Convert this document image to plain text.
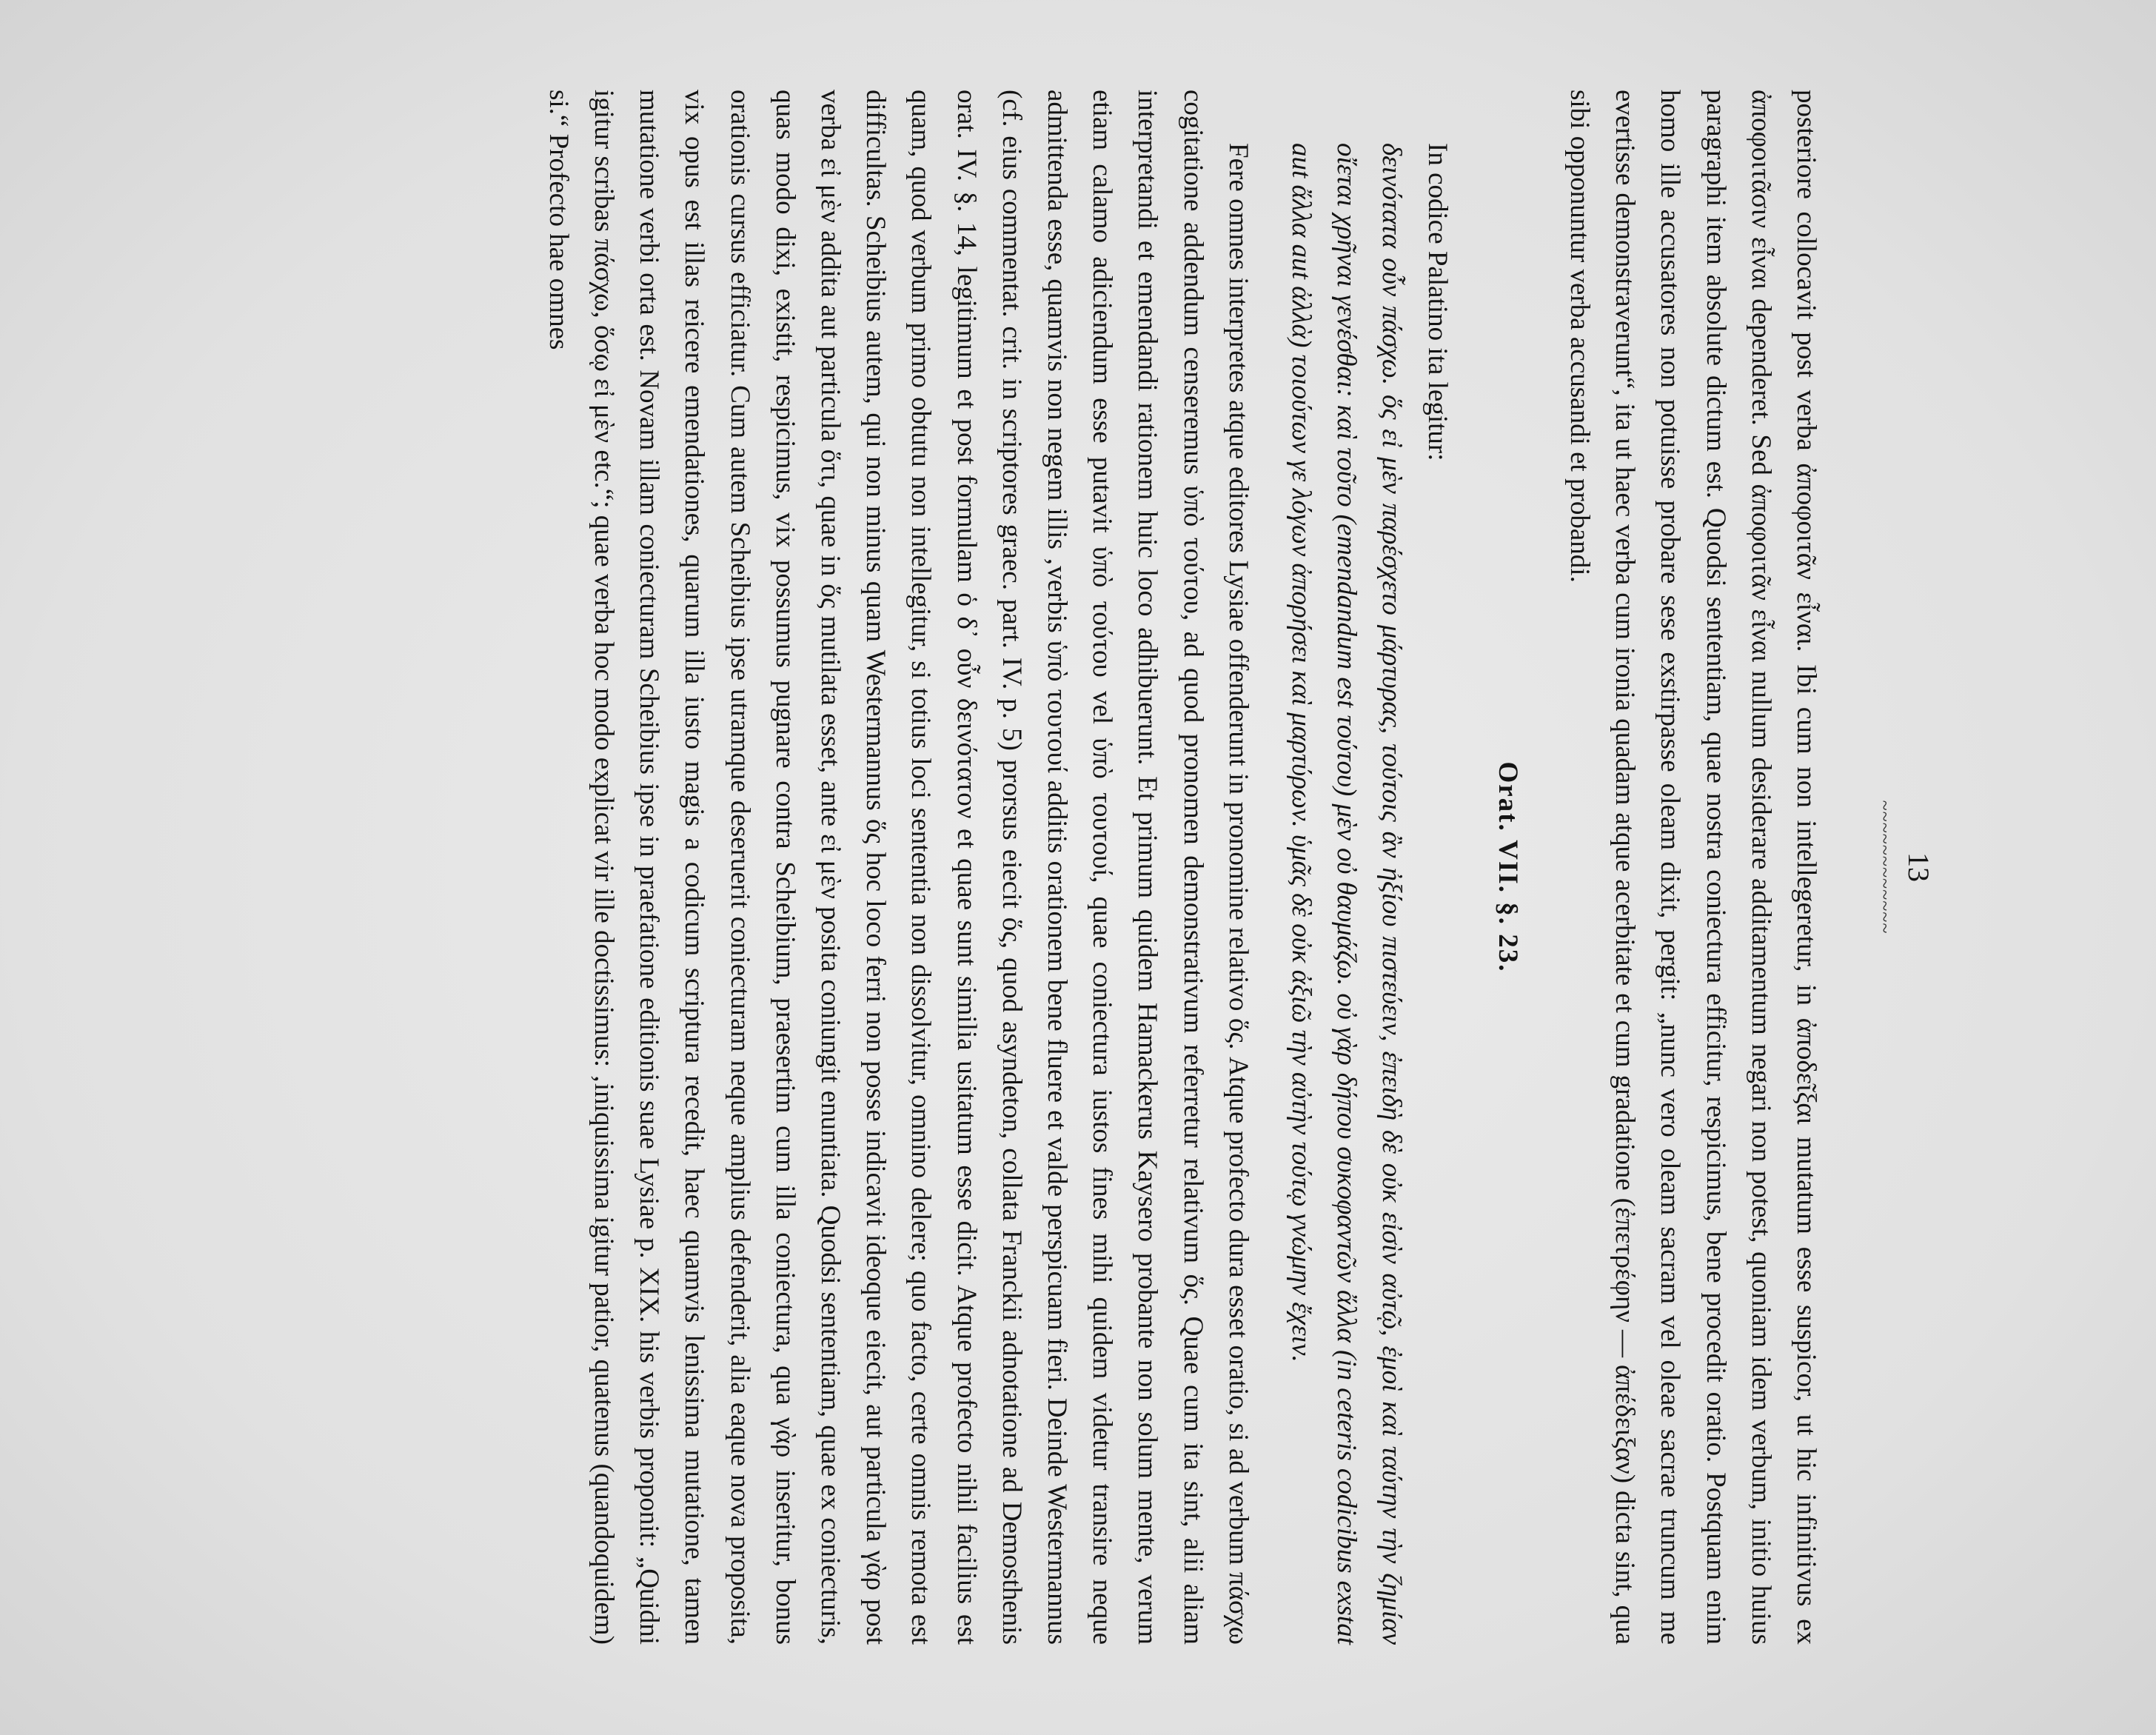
13
~~~~~~~~~~~~

posteriore collocavit post verba ἀποφοιτᾶν εἶναι. Ibi cum non intellegeretur, in ἀποδεῖξαι mutatum esse suspicor, ut hic infinitivus ex ἀποφοιτᾶσιν εἶναι dependeret. Sed ἀποφοιτᾶν εἶναι nullum desiderare additamentum negari non potest, quoniam idem verbum, initio huius paragraphi item absolute dictum est. Quodsi sententiam, quae nostra coniectura efficitur, respicimus, bene procedit oratio. Postquam enim homo ille accusatores non potuisse probare sese exstirpasse oleam dixit, pergit: „nunc vero oleam sacram vel oleae sacrae truncum me evertisse demonstraverunt“, ita ut haec verba cum ironia quadam atque acerbitate et cum gradatione (ἐπετρέφην — ἀπέδειξαν) dicta sint, qua sibi opponuntur verba accusandi et probandi.

Orat. VII. §. 23.

In codice Palatino ita legitur:

δεινότατα οὖν πάσχω. ὅς εἰ μὲν παρέσχετο μάρτυρας, τούτοις ἂν ἠξίου πιστεύειν, ἐπειδὴ δὲ οὐκ εἰσὶν αὐτῷ, ἐμοὶ καὶ ταύτην τὴν ζημίαν οἴεται χρῆναι γενέσθαι: καὶ τοῦτο (emendandum est τούτου) μὲν οὐ θαυμάζω. οὐ γὰρ δήπου συκοφαντῶν ἄλλα (in ceteris codicibus exstat aut ἄλλα aut ἀλλὰ) τοιούτων γε λόγων ἀπορήσει καὶ μαρτύρων. ὑμᾶς δὲ οὐκ ἀξιῶ τὴν αὐτὴν τούτῳ γνώμην ἔχειν.

Fere omnes interpretes atque editores Lysiae offenderunt in pronomine relativo ὅς. Atque profecto dura esset oratio, si ad verbum πάσχω cogitatione addendum censeremus ὑπὸ τούτου, ad quod pronomen demonstrativum referretur relativum ὅς. Quae cum ita sint, alii aliam interpretandi et emendandi rationem huic loco adhibuerunt. Et primum quidem Hamackerus Kaysero probante non solum mente, verum etiam calamo adiciendum esse putavit ὑπὸ τούτου vel ὑπὸ τουτουί, quae coniectura iustos fines mihi quidem videtur transire neque admittenda esse, quamvis non negem illis ‚verbis ὑπὸ τουτουί additis orationem bene fluere et valde perspicuam fieri. Deinde Westermannus (cf. eius commentat. crit. in scriptores graec. part. IV. p. 5) prorsus eiecit ὅς, quod asyndeton, collata Franckii adnotatione ad Demosthenis orat. IV. §. 14, legitimum et post formulam ὁ δ᾽ οὖν δεινότατον et quae sunt similia usitatum esse dicit. Atque profecto nihil facilius est quam, quod verbum primo obtutu non intellegitur, si totius loci sententia non dissolvitur, omnino delere; quo facto, certe omnis remota est difficultas. Scheibius autem, qui non minus quam Westermannus ὅς hoc loco ferri non posse indicavit ideoque eiecit, aut particula γὰρ post verba εἰ μὲν addita aut particula ὅτι, quae in ὅς mutilata esset, ante εἰ μὲν posita coniungit enuntiata. Quodsi sententiam, quae ex coniecturis, quas modo dixi, existit, respicimus, vix possumus pugnare contra Scheibium, praesertim cum illa coniectura, qua γὰρ inseritur, bonus orationis cursus efficiatur. Cum autem Scheibius ipse utramque deseruerit coniecturam neque amplius defenderit, alia eaque nova proposita, vix opus est illas reicere emendationes, quarum illa iusto magis a codicum scriptura recedit, haec quamvis lenissima mutatione, tamen mutatione verbi orta est. Novam illam coniecturam Scheibius ipse in praefatione editionis suae Lysiae p. XIX. his verbis proponit: „Quidni igitur scribas πάσχω, ὅσῳ εἰ μὲν etc.“; quae verba hoc modo explicat vir ille doctissimus: ‚iniquissima igitur patior, quatenus (quandoquidem) si.“ Profecto hae omnes
